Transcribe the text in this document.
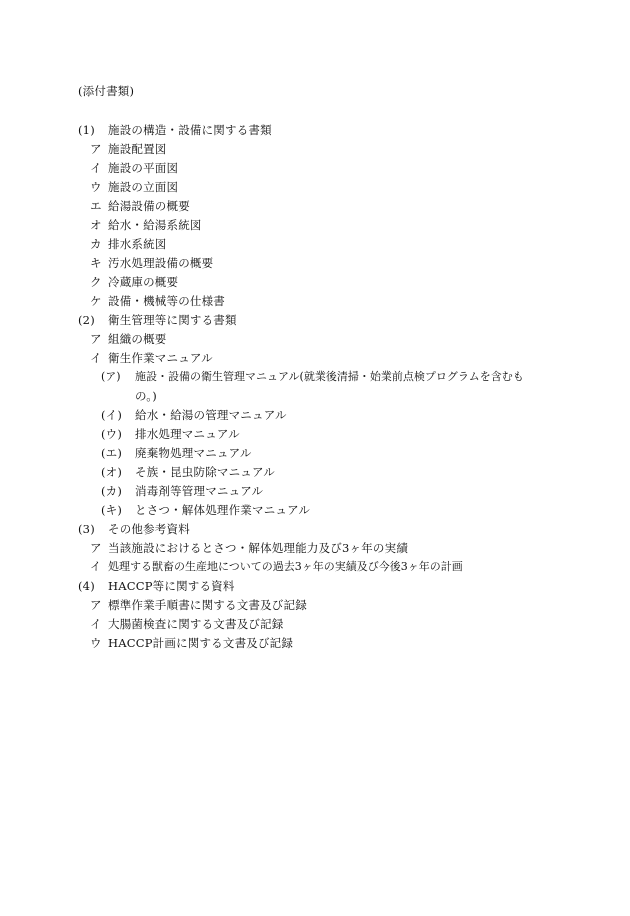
(添付書類)
(1) 施設の構造・設備に関する書類
ア 施設配置図
イ 施設の平面図
ウ 施設の立面図
エ 給湯設備の概要
オ 給水・給湯系統図
カ 排水系統図
キ 汚水処理設備の概要
ク 冷蔵庫の概要
ケ 設備・機械等の仕様書
(2) 衛生管理等に関する書類
ア 組織の概要
イ 衛生作業マニュアル
(ア) 施設・設備の衛生管理マニュアル(就業後清掃・始業前点検プログラムを含むも
の。)
(イ) 給水・給湯の管理マニュアル
(ウ) 排水処理マニュアル
(エ) 廃棄物処理マニュアル
(オ) そ族・昆虫防除マニュアル
(カ) 消毒剤等管理マニュアル
(キ) とさつ・解体処理作業マニュアル
(3) その他参考資料
ア 当該施設におけるとさつ・解体処理能力及び3ヶ年の実績
イ 処理する獣畜の生産地についての過去3ヶ年の実績及び今後3ヶ年の計画
(4) HACCP等に関する資料
ア 標準作業手順書に関する文書及び記録
イ 大腸菌検査に関する文書及び記録
ウ HACCP計画に関する文書及び記録
